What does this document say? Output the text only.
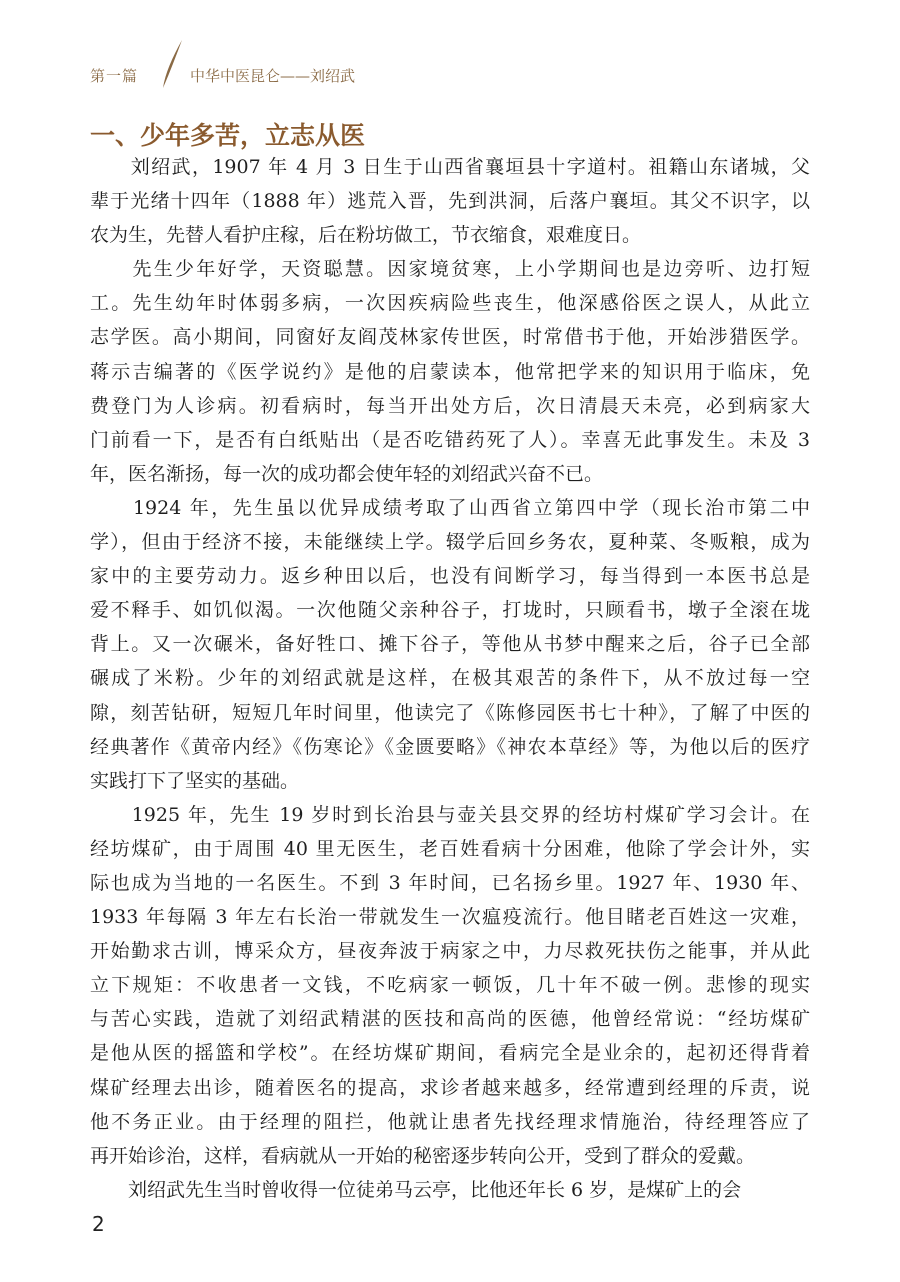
第一篇	中华中医昆仑——刘绍武
一、少年多苦，立志从医
　　刘绍武，1907 年 4 月 3 日生于山西省襄垣县十字道村。祖籍山东诸城，父
辈于光绪十四年（1888 年）逃荒入晋，先到洪洞，后落户襄垣。其父不识字，以
农为生，先替人看护庄稼，后在粉坊做工，节衣缩食，艰难度日。
　　先生少年好学，天资聪慧。因家境贫寒，上小学期间也是边旁听、边打短
工。先生幼年时体弱多病，一次因疾病险些丧生，他深感俗医之误人，从此立
志学医。高小期间，同窗好友阎茂林家传世医，时常借书于他，开始涉猎医学。
蒋示吉编著的《医学说约》是他的启蒙读本，他常把学来的知识用于临床，免
费登门为人诊病。初看病时，每当开出处方后，次日清晨天未亮，必到病家大
门前看一下，是否有白纸贴出（是否吃错药死了人）。幸喜无此事发生。未及 3
年，医名渐扬，每一次的成功都会使年轻的刘绍武兴奋不已。
　　1924 年，先生虽以优异成绩考取了山西省立第四中学（现长治市第二中
学），但由于经济不接，未能继续上学。辍学后回乡务农，夏种菜、冬贩粮，成为
家中的主要劳动力。返乡种田以后，也没有间断学习，每当得到一本医书总是
爱不释手、如饥似渴。一次他随父亲种谷子，打垅时，只顾看书，墩子全滚在垅
背上。又一次碾米，备好牲口、摊下谷子，等他从书梦中醒来之后，谷子已全部
碾成了米粉。少年的刘绍武就是这样，在极其艰苦的条件下，从不放过每一空
隙，刻苦钻研，短短几年时间里，他读完了《陈修园医书七十种》，了解了中医的
经典著作《黄帝内经》《伤寒论》《金匮要略》《神农本草经》等，为他以后的医疗
实践打下了坚实的基础。
　　1925 年，先生 19 岁时到长治县与壶关县交界的经坊村煤矿学习会计。在
经坊煤矿，由于周围 40 里无医生，老百姓看病十分困难，他除了学会计外，实
际也成为当地的一名医生。不到 3 年时间，已名扬乡里。1927 年、1930 年、
1933 年每隔 3 年左右长治一带就发生一次瘟疫流行。他目睹老百姓这一灾难，
开始勤求古训，博采众方，昼夜奔波于病家之中，力尽救死扶伤之能事，并从此
立下规矩：不收患者一文钱，不吃病家一顿饭，几十年不破一例。悲惨的现实
与苦心实践，造就了刘绍武精湛的医技和高尚的医德，他曾经常说：“经坊煤矿
是他从医的摇篮和学校”。在经坊煤矿期间，看病完全是业余的，起初还得背着
煤矿经理去出诊，随着医名的提高，求诊者越来越多，经常遭到经理的斥责，说
他不务正业。由于经理的阻拦，他就让患者先找经理求情施治，待经理答应了
再开始诊治，这样，看病就从一开始的秘密逐步转向公开，受到了群众的爱戴。
　　刘绍武先生当时曾收得一位徒弟马云亭，比他还年长 6 岁，是煤矿上的会
2
